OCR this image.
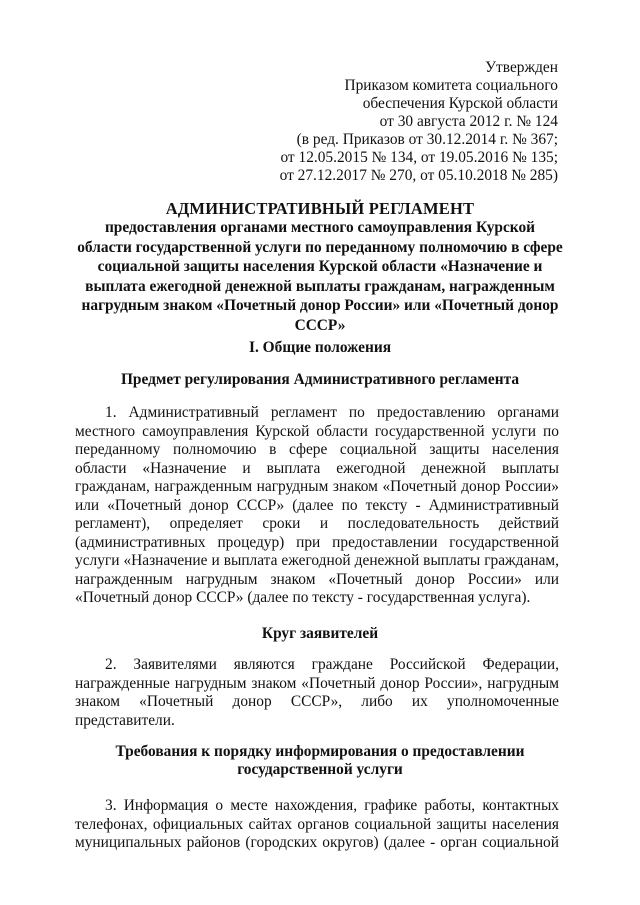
Утвержден
Приказом комитета социального
обеспечения Курской области
от 30 августа 2012 г. № 124
(в ред. Приказов от 30.12.2014 г. № 367;
от 12.05.2015 № 134, от 19.05.2016 № 135;
от 27.12.2017 № 270, от 05.10.2018 № 285)
АДМИНИСТРАТИВНЫЙ РЕГЛАМЕНТ
предоставления органами местного самоуправления Курской
области государственной услуги по переданному полномочию в сфере
социальной защиты населения Курской области «Назначение и
выплата ежегодной денежной выплаты гражданам, награжденным
нагрудным знаком «Почетный донор России» или «Почетный донор
СССР»
I. Общие положения
Предмет регулирования Административного регламента
1. Административный регламент по предоставлению органами
местного самоуправления Курской области государственной услуги по
переданному полномочию в сфере социальной защиты населения
области «Назначение и выплата ежегодной денежной выплаты
гражданам, награжденным нагрудным знаком «Почетный донор России»
или «Почетный донор СССР» (далее по тексту - Административный
регламент), определяет сроки и последовательность действий
(административных процедур) при предоставлении государственной
услуги «Назначение и выплата ежегодной денежной выплаты гражданам,
награжденным нагрудным знаком «Почетный донор России» или
«Почетный донор СССР» (далее по тексту - государственная услуга).
Круг заявителей
2. Заявителями являются граждане Российской Федерации,
награжденные нагрудным знаком «Почетный донор России», нагрудным
знаком «Почетный донор СССР», либо их уполномоченные
представители.
Требования к порядку информирования о предоставлении
государственной услуги
3. Информация о месте нахождения, графике работы, контактных
телефонах, официальных сайтах органов социальной защиты населения
муниципальных районов (городских округов) (далее - орган социальной
